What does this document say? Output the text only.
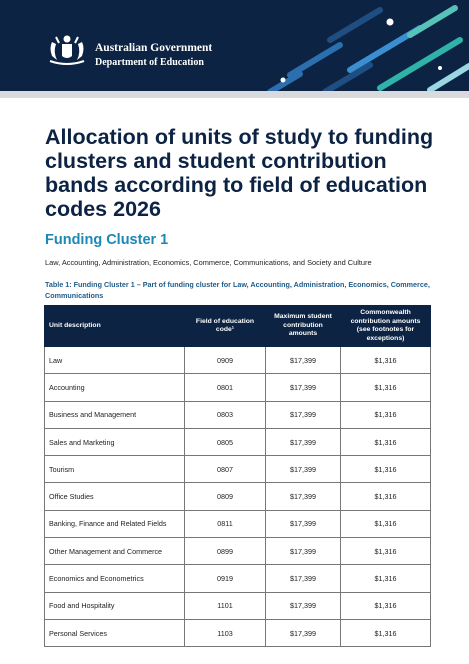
Australian Government
Department of Education
Allocation of units of study to funding clusters and student contribution bands according to field of education codes 2026
Funding Cluster 1

Law, Accounting, Administration, Economics, Commerce, Communications, and Society and Culture

Table 1: Funding Cluster 1 – Part of funding cluster for Law, Accounting, Administration, Economics, Commerce, Communications

Unit description	Field of education code¹	Maximum student contribution amounts	Commonwealth contribution amounts (see footnotes for exceptions)
Law	0909	$17,399	$1,316
Accounting	0801	$17,399	$1,316
Business and Management	0803	$17,399	$1,316
Sales and Marketing	0805	$17,399	$1,316
Tourism	0807	$17,399	$1,316
Office Studies	0809	$17,399	$1,316
Banking, Finance and Related Fields	0811	$17,399	$1,316
Other Management and Commerce	0899	$17,399	$1,316
Economics and Econometrics	0919	$17,399	$1,316
Food and Hospitality	1101	$17,399	$1,316
Personal Services	1103	$17,399	$1,316
